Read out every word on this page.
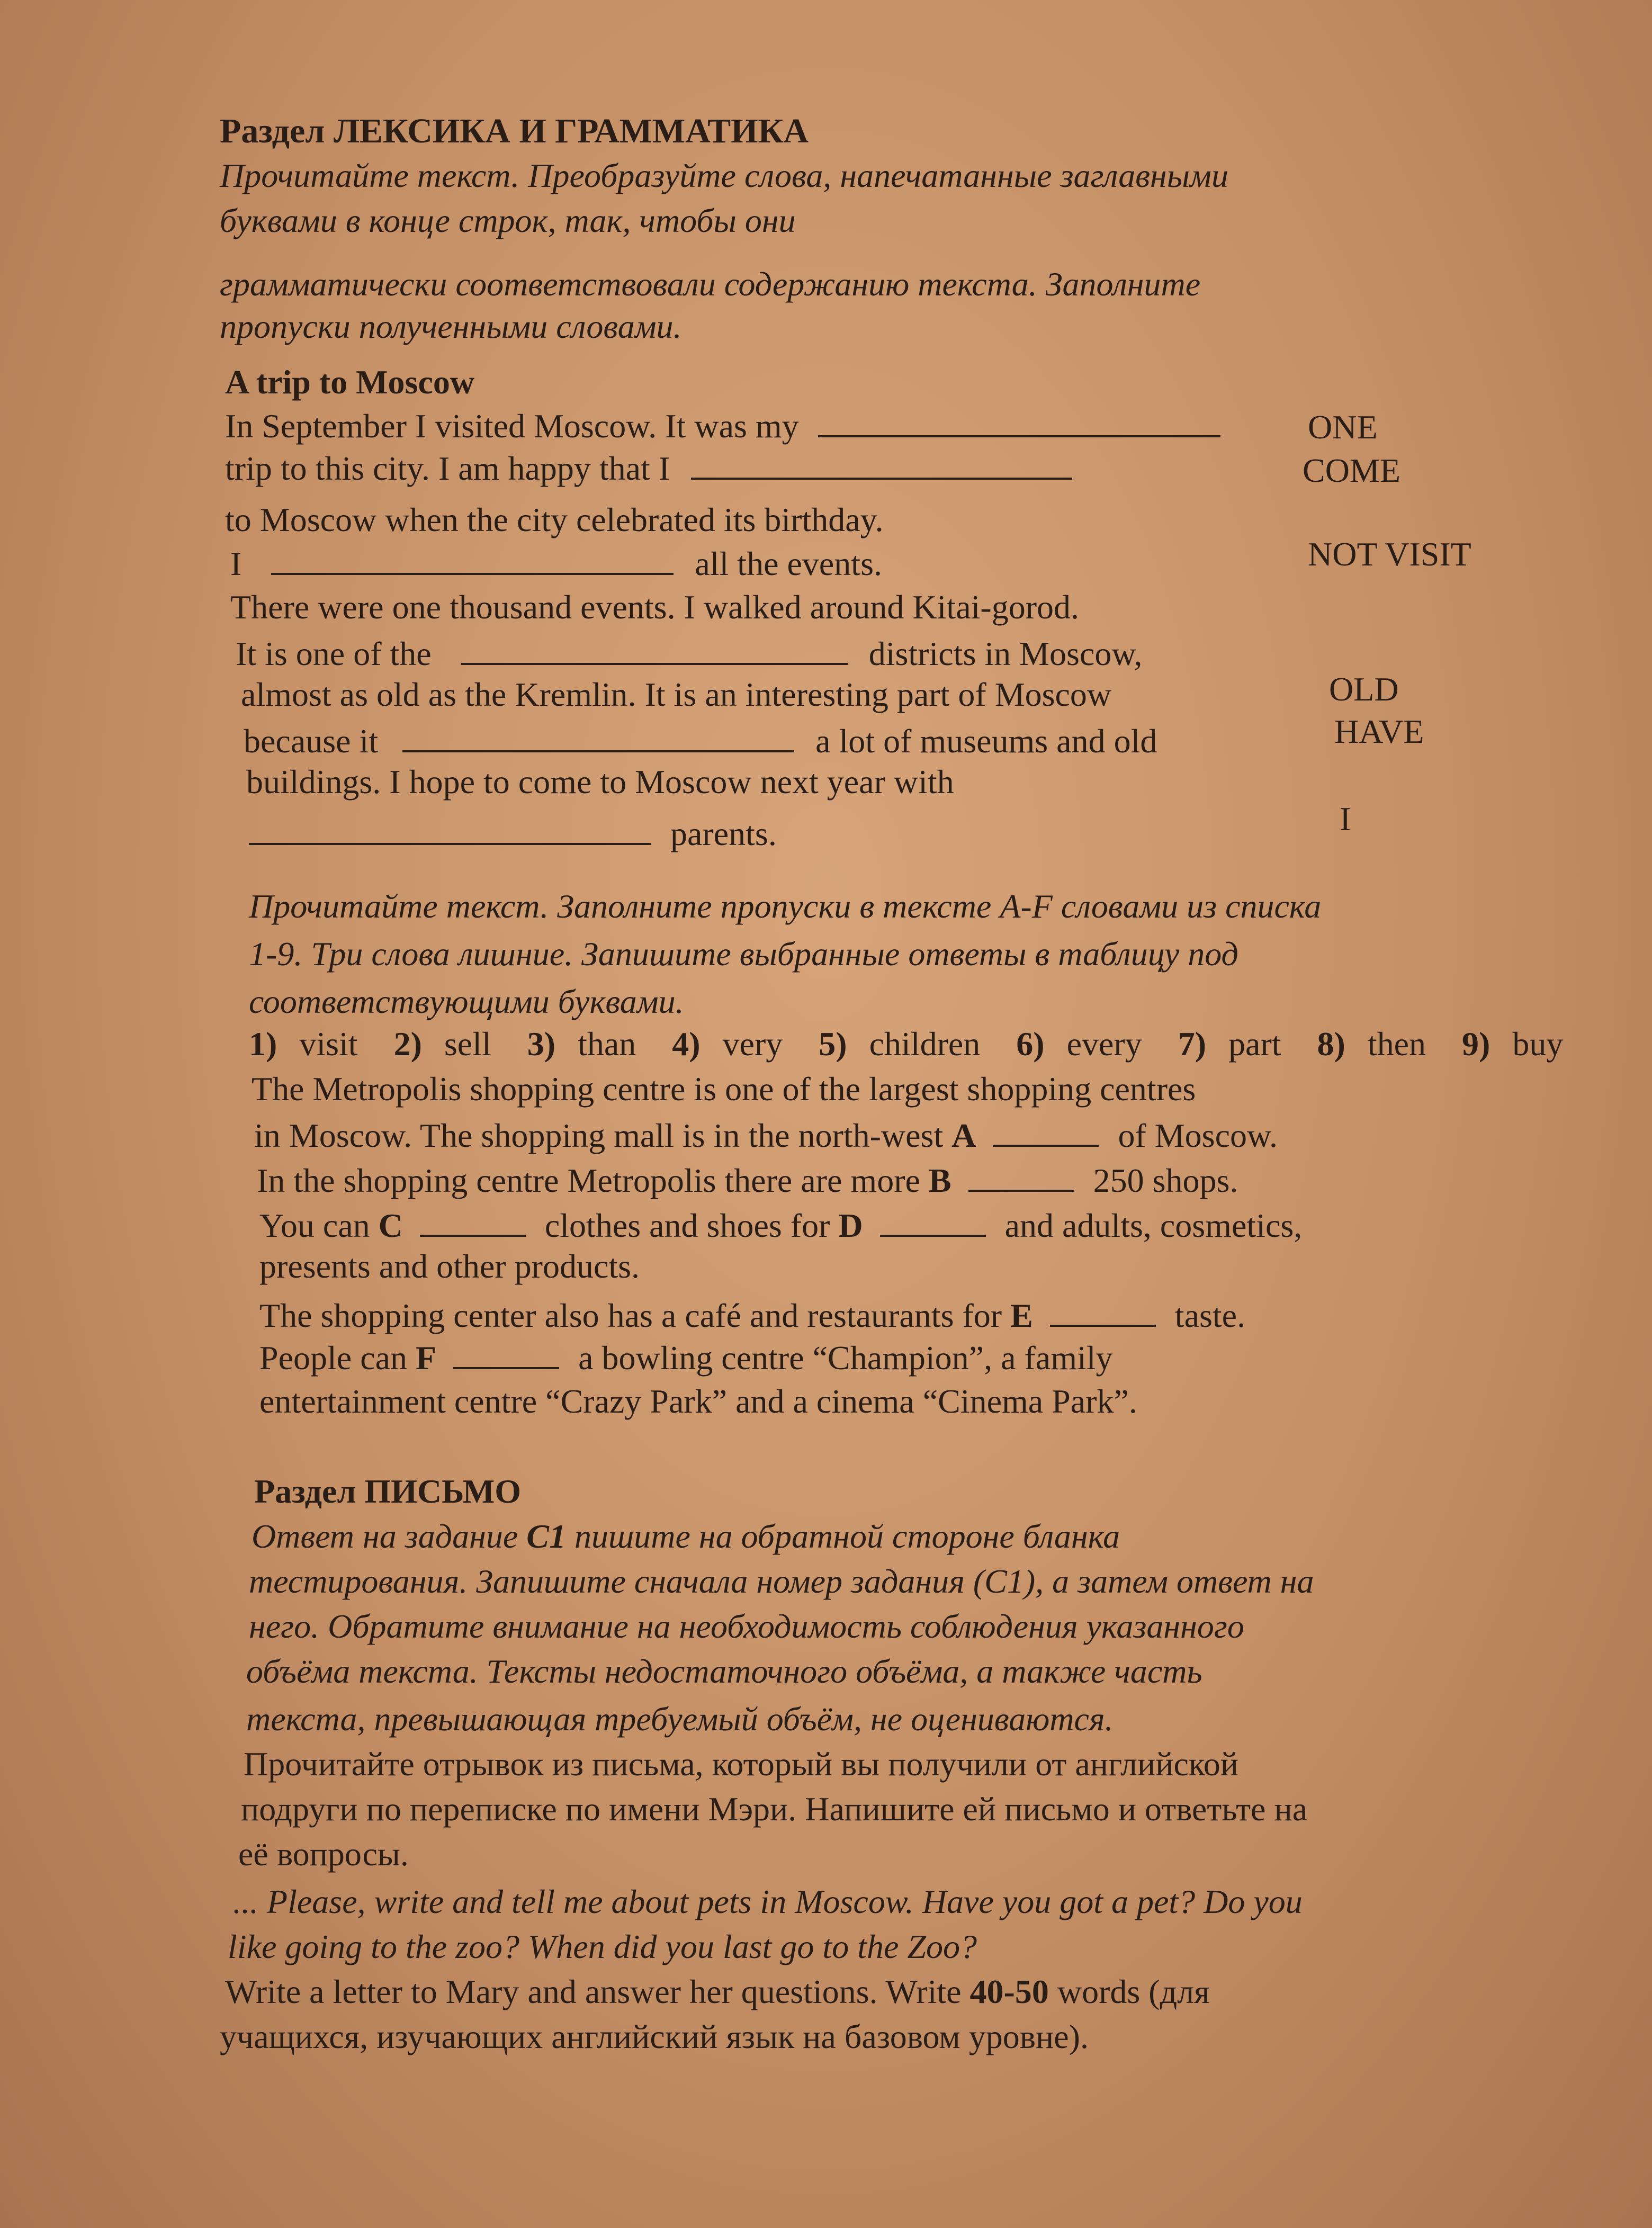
Раздел ЛЕКСИКА И ГРАММАТИКА
Прочитайте текст. Преобразуйте слова, напечатанные заглавными
буквами в конце строк, так, чтобы они
грамматически соответствовали содержанию текста. Заполните
пропуски полученными словами.
A trip to Moscow
In September I visited Moscow. It was my
trip to this city. I am happy that I
to Moscow when the city celebrated its birthday.
I	all the events.
There were one thousand events. I walked around Kitai-gorod.
It is one of the	districts in Moscow,
almost as old as the Kremlin. It is an interesting part of Moscow
because it	a lot of museums and old
buildings. I hope to come to Moscow next year with
parents.
ONE
COME
NOT VISIT
OLD
HAVE
I
Прочитайте текст. Заполните пропуски в тексте A-F словами из списка
1-9. Три слова лишние. Запишите выбранные ответы в таблицу под
соответствующими буквами.
1) visit 2) sell 3) than 4) very 5) children 6) every 7) part 8) then 9) buy
The Metropolis shopping centre is one of the largest shopping centres
in Moscow. The shopping mall is in the north-west A	of Moscow.
In the shopping centre Metropolis there are more B	250 shops.
You can C	clothes and shoes for D	and adults, cosmetics,
presents and other products.
The shopping center also has a café and restaurants for E	taste.
People can F	a bowling centre “Champion”, a family
entertainment centre “Crazy Park” and a cinema “Cinema Park”.
Раздел ПИСЬМО
Ответ на задание C1 пишите на обратной стороне бланка
тестирования. Запишите сначала номер задания (С1), а затем ответ на
него. Обратите внимание на необходимость соблюдения указанного
объёма текста. Тексты недостаточного объёма, а также часть
текста, превышающая требуемый объём, не оцениваются.
Прочитайте отрывок из письма, который вы получили от английской
подруги по переписке по имени Мэри. Напишите ей письмо и ответьте на
её вопросы.
... Please, write and tell me about pets in Moscow. Have you got a pet? Do you
like going to the zoo? When did you last go to the Zoo?
Write a letter to Mary and answer her questions. Write 40-50 words (для
учащихся, изучающих английский язык на базовом уровне).
